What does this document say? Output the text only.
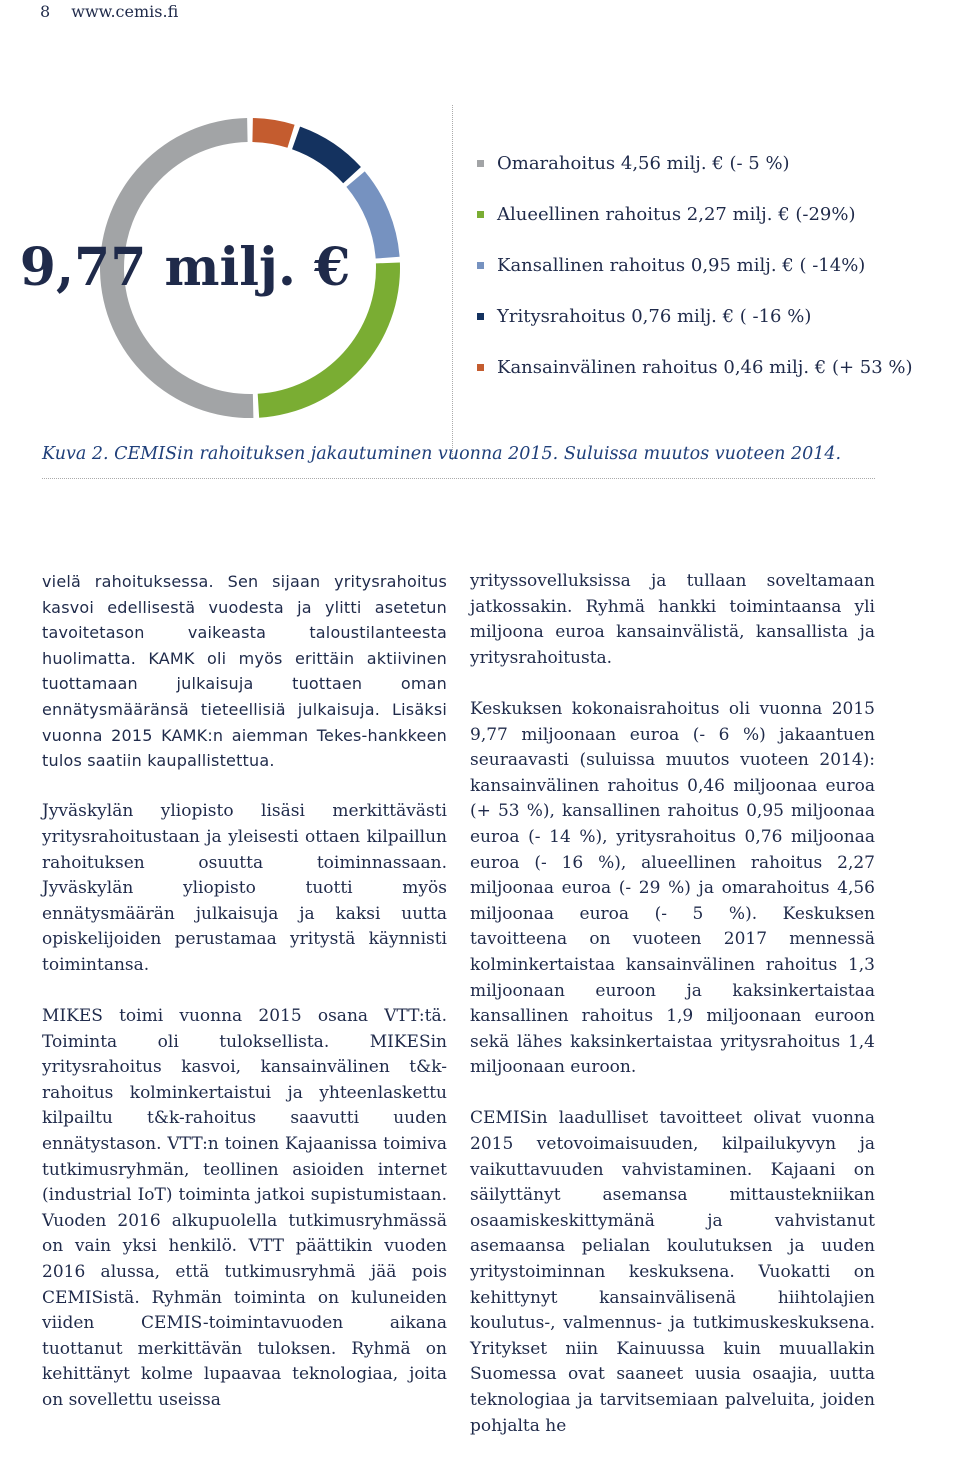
8 www.cemis.fi
9,77 milj. €
Omarahoitus 4,56 milj. € (- 5 %)
Alueellinen rahoitus 2,27 milj. € (-29%)
Kansallinen rahoitus 0,95 milj. € ( -14%)
Yritysrahoitus 0,76 milj. € ( -16 %)
Kansainvälinen rahoitus 0,46 milj. € (+ 53 %)
Kuva 2. CEMISin rahoituksen jakautuminen vuonna 2015. Suluissa muutos vuoteen 2014.

vielä rahoituksessa. Sen sijaan yritysrahoitus kasvoi edellisestä vuodesta ja ylitti asetetun tavoitetason vaikeasta taloustilanteesta huolimatta. KAMK oli myös erittäin aktiivinen tuottamaan julkaisuja tuottaen oman ennätysmääränsä tieteellisiä julkaisuja. Lisäksi vuonna 2015 KAMK:n aiemman Tekes-hankkeen tulos saatiin kaupallistettua.

Jyväskylän yliopisto lisäsi merkittävästi yritysrahoitustaan ja yleisesti ottaen kilpaillun rahoituksen osuutta toiminnassaan. Jyväskylän yliopisto tuotti myös ennätysmäärän julkaisuja ja kaksi uutta opiskelijoiden perustamaa yritystä käynnisti toimintansa.

MIKES toimi vuonna 2015 osana VTT:tä. Toiminta oli tuloksellista. MIKESin yritysrahoitus kasvoi, kansainvälinen t&k-rahoitus kolminkertaistui ja yhteenlaskettu kilpailtu t&k-rahoitus saavutti uuden ennätystason. VTT:n toinen Kajaanissa toimiva tutkimusryhmän, teollinen asioiden internet (industrial IoT) toiminta jatkoi supistumistaan. Vuoden 2016 alkupuolella tutkimusryhmässä on vain yksi henkilö. VTT päättikin vuoden 2016 alussa, että tutkimusryhmä jää pois CEMISistä. Ryhmän toiminta on kuluneiden viiden CEMIS-toimintavuoden aikana tuottanut merkittävän tuloksen. Ryhmä on kehittänyt kolme lupaavaa teknologiaa, joita on sovellettu useissa

yrityssovelluksissa ja tullaan soveltamaan jatkossakin. Ryhmä hankki toimintaansa yli miljoona euroa kansainvälistä, kansallista ja yritysrahoitusta.

Keskuksen kokonaisrahoitus oli vuonna 2015 9,77 miljoonaan euroa (- 6 %) jakaantuen seuraavasti (suluissa muutos vuoteen 2014): kansainvälinen rahoitus 0,46 miljoonaa euroa (+ 53 %), kansallinen rahoitus 0,95 miljoonaa euroa (- 14 %), yritysrahoitus 0,76 miljoonaa euroa (- 16 %), alueellinen rahoitus 2,27 miljoonaa euroa (- 29 %) ja omarahoitus 4,56 miljoonaa euroa (- 5 %). Keskuksen tavoitteena on vuoteen 2017 mennessä kolminkertaistaa kansainvälinen rahoitus 1,3 miljoonaan euroon ja kaksinkertaistaa kansallinen rahoitus 1,9 miljoonaan euroon sekä lähes kaksinkertaistaa yritysrahoitus 1,4 miljoonaan euroon.

CEMISin laadulliset tavoitteet olivat vuonna 2015 vetovoimaisuuden, kilpailukyvyn ja vaikuttavuuden vahvistaminen. Kajaani on säilyttänyt asemansa mittaustekniikan osaamiskeskittymänä ja vahvistanut asemaansa pelialan koulutuksen ja uuden yritystoiminnan keskuksena. Vuokatti on kehittynyt kansainvälisenä hiihtolajien koulutus-, valmennus- ja tutkimuskeskuksena. Yritykset niin Kainuussa kuin muuallakin Suomessa ovat saaneet uusia osaajia, uutta teknologiaa ja tarvitsemiaan palveluita, joiden pohjalta he
